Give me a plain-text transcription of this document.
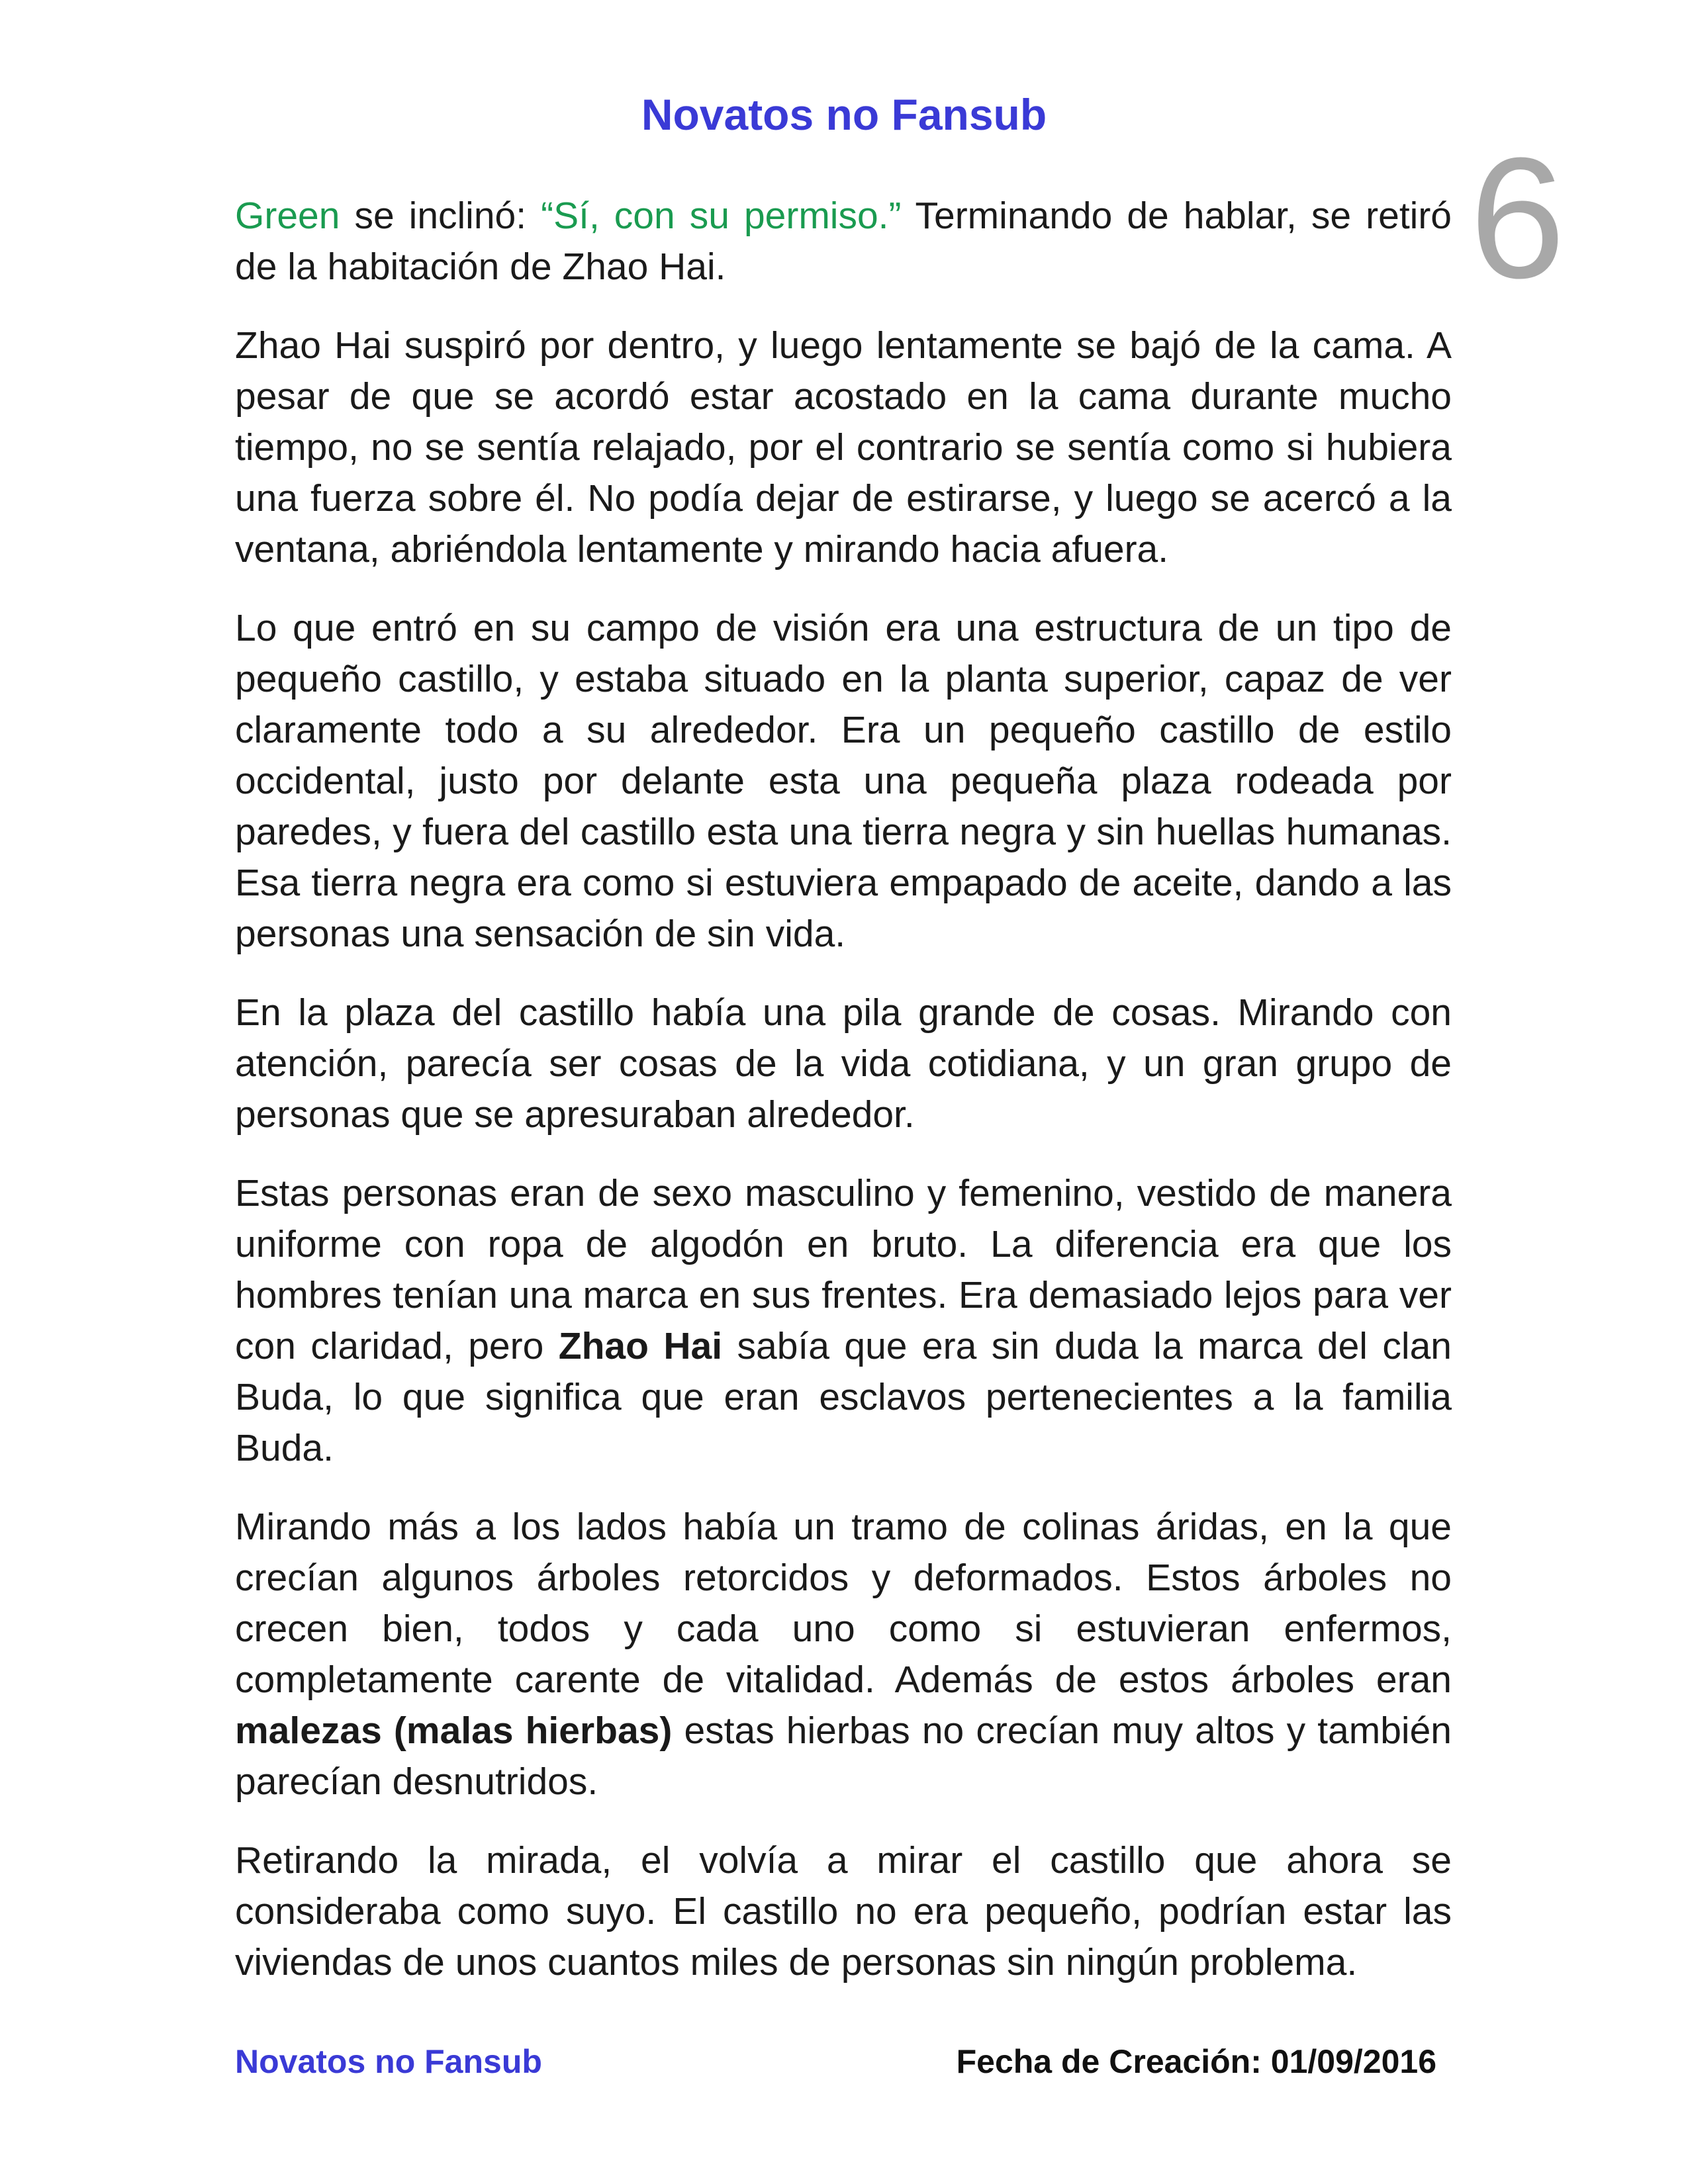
Novatos no Fansub
6

Green se inclinó: “Sí, con su permiso.” Terminando de hablar, se retiró de la habitación de Zhao Hai.

Zhao Hai suspiró por dentro, y luego lentamente se bajó de la cama. A pesar de que se acordó estar acostado en la cama durante mucho tiempo, no se sentía relajado, por el contrario se sentía como si hubiera una fuerza sobre él. No podía dejar de estirarse, y luego se acercó a la ventana, abriéndola lentamente y mirando hacia afuera.

Lo que entró en su campo de visión era una estructura de un tipo de pequeño castillo, y estaba situado en la planta superior, capaz de ver claramente todo a su alrededor. Era un pequeño castillo de estilo occidental, justo por delante esta una pequeña plaza rodeada por paredes, y fuera del castillo esta una tierra negra y sin huellas humanas. Esa tierra negra era como si estuviera empapado de aceite, dando a las personas una sensación de sin vida.

En la plaza del castillo había una pila grande de cosas. Mirando con atención, parecía ser cosas de la vida cotidiana, y un gran grupo de personas que se apresuraban alrededor.

Estas personas eran de sexo masculino y femenino, vestido de manera uniforme con ropa de algodón en bruto. La diferencia era que los hombres tenían una marca en sus frentes. Era demasiado lejos para ver con claridad, pero Zhao Hai sabía que era sin duda la marca del clan Buda, lo que significa que eran esclavos pertenecientes a la familia Buda.

Mirando más a los lados había un tramo de colinas áridas, en la que crecían algunos árboles retorcidos y deformados. Estos árboles no crecen bien, todos y cada uno como si estuvieran enfermos, completamente carente de vitalidad. Además de estos árboles eran malezas (malas hierbas) estas hierbas no crecían muy altos y también parecían desnutridos.

Retirando la mirada, el volvía a mirar el castillo que ahora se consideraba como suyo. El castillo no era pequeño, podrían estar las viviendas de unos cuantos miles de personas sin ningún problema.

Novatos no Fansub	Fecha de Creación: 01/09/2016
